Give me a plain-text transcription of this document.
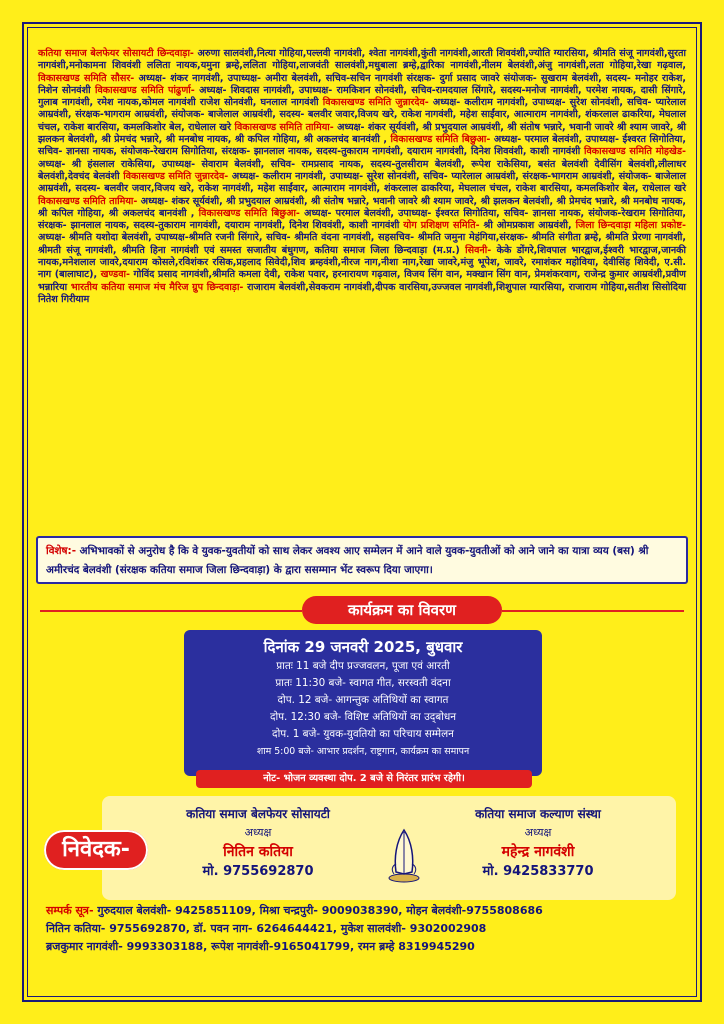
कतिया समाज बेलफेयर सोसायटी छिन्दवाड़ा- अरुणा सालवंशी,नित्या गोहिया,पल्लवी नागवंशी, श्वेता नागवंशी,कुंती नागवंशी,आरती शिववंशी,ज्योति ग्यारसिया, श्रीमति संजू नागवंशी,सुरता नागवंशी,मनोकामना शिववंशी ललिता नायक,यमुना ब्रम्हे,ललिता गोहिया,लाजवंती सालवंशी,मधुबाला ब्रम्हे,द्वारिका नागवंशी,नीलम बेलवंशी,अंजु नागवंशी,लता गोहिया,रेखा गढ़वाल, विकासखण्ड समिति सौसर- अध्यक्ष- शंकर नागवंशी, उपाध्यक्ष- अमीरा बेलवंशी, सचिव-सचिन नागवंशी संरक्षक- दुर्गा प्रसाद जावरे संयोजक- सुखराम बेलवंशी, सदस्य- मनोहर राकेश, निशेन सोनवंशी विकासखण्ड समिति पांढुर्णा- अध्यक्ष- शिवदास नागवंशी, उपाध्यक्ष- रामकिशन सोनवंशी, सचिव-रामदयाल सिंगारे, सदस्य-मनोज नागवंशी, परमेश नायक, दासी सिंगारे, गुलाब नागवंशी, रमेश नायक,कोमल नागवंशी राजेश सोनवंशी, घनलाल नागवंशी विकासखण्ड समिति जुन्नारदेव- अध्यक्ष- कलीराम नागवंशी, उपाध्यक्ष- सुरेश सोनवंशी, सचिव- प्यारेलाल आम्रवंशी, संरक्षक-भागराम आम्रवंशी, संयोजक- बाजेलाल आम्रवंशी, सदस्य- बलवीर जवार,विजय खरे, राकेश नागवंशी, महेश साईंवार, आत्माराम नागवंशी, शंकरलाल ढाकरिया, मेघलाल चंचल, राकेश बारसिया, कमलकिशोर बेल, राधेलाल खरे विकासखण्ड समिति तामिया- अध्यक्ष- शंकर सूर्यवंशी, श्री प्रभुदयाल आम्रवंशी, श्री संतोष भन्नारे, भवानी जावरे श्री श्याम जावरे, श्री झलकन बेलवंशी, श्री प्रेमचंद भन्नारे, श्री मनबोध नायक, श्री कपिल गोहिया, श्री अकलचंद बानवंशी , विकासखण्ड समिति बिछुआ- अध्यक्ष- परमाल बेलवंशी, उपाध्यक्ष- ईश्वरत सिगोतिया, सचिव- ज्ञानसा नायक, संयोजक-रेखराम सिगोतिया, संरक्षक- झानलाल नायक, सदस्य-तुकाराम नागवंशी, दयाराम नागवंशी, दिनेश शिववंशी, काशी नागवंशी विकासखण्ड समिति मोहखेड- अध्यक्ष- श्री हंसलाल राकेसिया, उपाध्यक्ष- सेवाराम बेलवंशी, सचिव- रामप्रसाद नायक, सदस्य-तुलसीराम बेलवंशी, रूपेश राकेसिया, बसंत बेलवंशी देवीसिंग बेलवंशी,लीलाधर बेलवंशी,देवचंद बेलवंशी विकासखण्ड समिति जुन्नारदेव- अध्यक्ष- कलीराम नागवंशी, उपाध्यक्ष- सुरेश सोनवंशी, सचिव- प्यारेलाल आम्रवंशी, संरक्षक-भागराम आम्रवंशी, संयोजक- बाजेलाल आम्रवंशी, सदस्य- बलवीर जवार,विजय खरे, राकेश नागवंशी, महेश साईंवार, आत्माराम नागवंशी, शंकरलाल ढाकरिया, मेघलाल चंचल, राकेश बारसिया, कमलकिशोर बेल, राधेलाल खरे विकासखण्ड समिति तामिया- अध्यक्ष- शंकर सूर्यवंशी, श्री प्रभुदयाल आम्रवंशी, श्री संतोष भन्नारे, भवानी जावरे श्री श्याम जावरे, श्री झलकन बेलवंशी, श्री प्रेमचंद भन्नारे, श्री मनबोध नायक, श्री कपिल गोहिया, श्री अकलचंद बानवंशी , विकासखण्ड समिति बिछुआ- अध्यक्ष- परमाल बेलवंशी, उपाध्यक्ष- ईश्वरत सिगोतिया, सचिव- ज्ञानसा नायक, संयोजक-रेखराम सिगोतिया, संरक्षक- झानलाल नायक, सदस्य-तुकाराम नागवंशी, दयाराम नागवंशी, दिनेश शिववंशी, काशी नागवंशी योग प्रशिक्षण समिति- श्री ओमप्रकाश आम्रवंशी, जिला छिन्दवाड़ा महिला प्रकोष्ट- अध्यक्ष- श्रीमति यशोदा बेलवंशी, उपाध्यक्ष-श्रीमति रजनी सिंगारे, सचिव- श्रीमति वंदना नागवंशी, सहसचिव- श्रीमति जमुना मेहंगिया,संरक्षक- श्रीमति संगीता ब्रम्हे, श्रीमति प्रेरणा नागवंशी, श्रीमती संजू नागवंशी, श्रीमति हिना नागवंशी एवं समस्त सजातीय बंधुगण, कतिया समाज जिला छिन्दवाड़ा (म.प्र.) सिवनी- केके डोंगरे,शिवपाल भारद्वाज,ईश्वरी भारद्वाज,जानकी नायक,मनेशलाल जावरे,दयाराम कोसले,रविशंकर रसिक,प्रहलाद सिवेदी,शिव ब्रम्हवंशी,नीरज नाग,नीशा नाग,रेखा जावरे,मंजु भूपेश, जावरे, रमाशंकर महोविया, देवीसिंह शिवेदी, ए.सी. नाग (बालाघाट), खण्डवा- गोविंद प्रसाद नागवंशी,श्रीमति कमला देवी, राकेश पवार, हरनारायण गढ़वाल, विजय सिंग वान, मक्खान सिंग वान, प्रेमशंकरवाग, राजेन्द्र कुमार आम्रवंशी,प्रवीण भन्नारिया भारतीय कतिया समाज मंच मैरिज ग्रुप छिन्दवाड़ा- राजाराम बेलवंशी,सेवकराम नागवंशी,दीपक वारसिया,उज्जवल नागवंशी,शिशुपाल ग्यारसिया, राजाराम गोहिया,सतीश सिसोदिया नितेश गिरीयाम
विशेष:- अभिभावकों से अनुरोध है कि वे युवक-युवतीयों को साथ लेकर अवश्य आए सम्मेलन में आने वाले युवक-युवतीओं को आने जाने का यात्रा व्यय (बस) श्री अमीरचंद बेलवंशी (संरक्षक कतिया समाज जिला छिन्दवाड़ा) के द्वारा ससम्मान भेंट स्वरूप दिया जाएगा।
कार्यक्रम का विवरण
दिनांक 29 जनवरी 2025, बुधवार
प्रातः 11 बजे दीप प्रज्जवलन, पूजा एवं आरती
प्रातः 11:30 बजे- स्वागत गीत, सरस्वती वंदना
दोप. 12 बजे- आगन्तुक अतिथियों का स्वागत
दोप. 12:30 बजे- विशिष्ट अतिथियों का उद्‌बोधन
दोप. 1 बजे- युवक-युवतियो का परिचाय सम्मेलन
शाम 5:00 बजे- आभार प्रदर्शन, राष्ट्रगान, कार्यक्रम का समापन
नोट- भोजन व्यवस्था दोप. 2 बजे से निरंतर प्रारंभ रहेगी।
निवेदक-
कतिया समाज बेलफेयर सोसायटी
अध्यक्ष
नितिन कतिया
मो. 9755692870
कतिया समाज कल्याण संस्था
अध्यक्ष
महेन्द्र नागवंशी
मो. 9425833770
सम्पर्क सूत्र- गुरुदयाल बेलवंशी- 9425851109, मिश्रा चन्द्रपुरी- 9009038390, मोहन बेलवंशी-9755808686
नितिन कतिया- 9755692870, डॉ. पवन नाग- 6264644421, मुकेश सालवंशी- 9302002908
ब्रजकुमार नागवंशी- 9993303188, रूपेश नागवंशी-9165041799, रमन ब्रम्हे 8319945290
